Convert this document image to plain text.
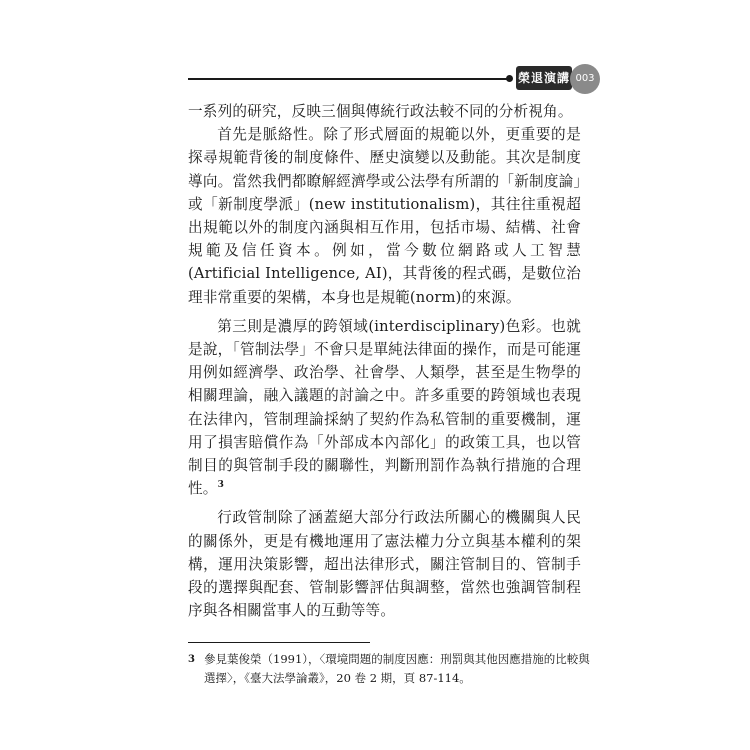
榮退演講 003

一系列的研究，反映三個與傳統行政法較不同的分析視角。

首先是脈絡性。除了形式層面的規範以外，更重要的是探尋規範背後的制度條件、歷史演變以及動能。其次是制度導向。當然我們都瞭解經濟學或公法學有所謂的「新制度論」或「新制度學派」(new institutionalism)，其往往重視超出規範以外的制度內涵與相互作用，包括市場、結構、社會規範及信任資本。例如，當今數位網路或人工智慧(Artificial Intelligence, AI)，其背後的程式碼，是數位治理非常重要的架構，本身也是規範(norm)的來源。

第三則是濃厚的跨領域(interdisciplinary)色彩。也就是說，「管制法學」不會只是單純法律面的操作，而是可能運用例如經濟學、政治學、社會學、人類學，甚至是生物學的相關理論，融入議題的討論之中。許多重要的跨領域也表現在法律內，管制理論採納了契約作為私管制的重要機制，運用了損害賠償作為「外部成本內部化」的政策工具，也以管制目的與管制手段的關聯性，判斷刑罰作為執行措施的合理性。$^3$

行政管制除了涵蓋絕大部分行政法所關心的機關與人民的關係外，更是有機地運用了憲法權力分立與基本權利的架構，運用決策影響，超出法律形式，關注管制目的、管制手段的選擇與配套、管制影響評估與調整，當然也強調管制程序與各相關當事人的互動等等。

3 參見葉俊榮（1991），〈環境問題的制度因應：刑罰與其他因應措施的比較與選擇〉，《臺大法學論叢》，20 卷 2 期，頁 87-114。
